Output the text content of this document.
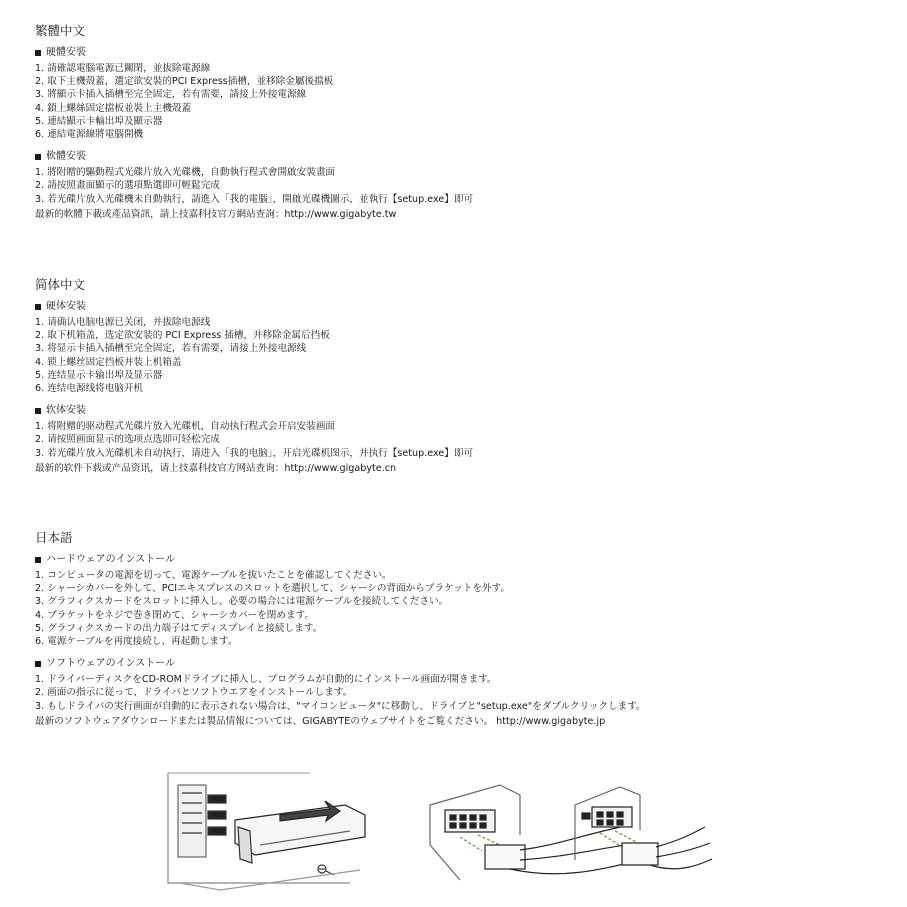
繁體中文
硬體安裝
1. 請確認電腦電源已關閉，並拔除電源線
2. 取下主機殼蓋，選定欲安裝的PCI Express插槽，並移除金屬後擋板
3. 將顯示卡插入插槽至完全固定，若有需要，請接上外接電源線
4. 鎖上螺絲固定擋板並裝上主機殼蓋
5. 連結顯示卡輸出埠及顯示器
6. 連結電源線將電腦開機
軟體安裝
1. 將附贈的驅動程式光碟片放入光碟機，自動執行程式會開啟安裝畫面
2. 請按照畫面顯示的選項點選即可輕鬆完成
3. 若光碟片放入光碟機未自動執行，請進入「我的電腦」，開啟光碟機圖示，並執行【setup.exe】即可
最新的軟體下載或產品資訊，請上技嘉科技官方網站查詢：http://www.gigabyte.tw
简体中文
硬体安装
1. 请确认电脑电源已关闭，并拔除电源线
2. 取下机箱盖，选定欲安装的 PCI Express 插槽，并移除金属后挡板
3. 将显示卡插入插槽至完全固定，若有需要，请接上外接电源线
4. 锁上螺丝固定挡板并装上机箱盖
5. 连结显示卡输出埠及显示器
6. 连结电源线将电脑开机
软体安装
1. 将附赠的驱动程式光碟片放入光碟机，自动执行程式会开启安装画面
2. 请按照画面显示的选项点选即可轻松完成
3. 若光碟片放入光碟机未自动执行，请进入「我的电脑」，开启光碟机图示，并执行【setup.exe】即可
最新的软件下载或产品资讯，请上技嘉科技官方网站查询：http://www.gigabyte.cn
日本語
ハードウェアのインストール
1. コンピュータの電源を切って、電源ケーブルを抜いたことを確認してください。
2. シャーシカバーを外して、PCIエキスプレスのスロットを選択して、シャーシの背面からブラケットを外す。
3. グラフィクスカードをスロットに挿入し、必要の場合には電源ケーブルを接続してください。
4. ブラケットをネジで巻き閉めて、シャーシカバーを閉めます。
5. グラフィクスカードの出力端子はてディスプレイと接続します。
6. 電源ケーブルを再度接続し、再起動します。
ソフトウェアのインストール
1. ドライバーディスクをCD-ROMドライブに挿入し、プログラムが自動的にインストール画面が開きます。
2. 画面の指示に従って、ドライバとソフトウエアをインストールします。
3. もしドライバの実行画面が自動的に表示されない場合は、"マイコンピュータ"に移動し、ドライブと"setup.exe"をダブルクリックします。
最新のソフトウェアダウンロードまたは製品情報については、GIGABYTEのウェブサイトをご覧ください。 http://www.gigabyte.jp
